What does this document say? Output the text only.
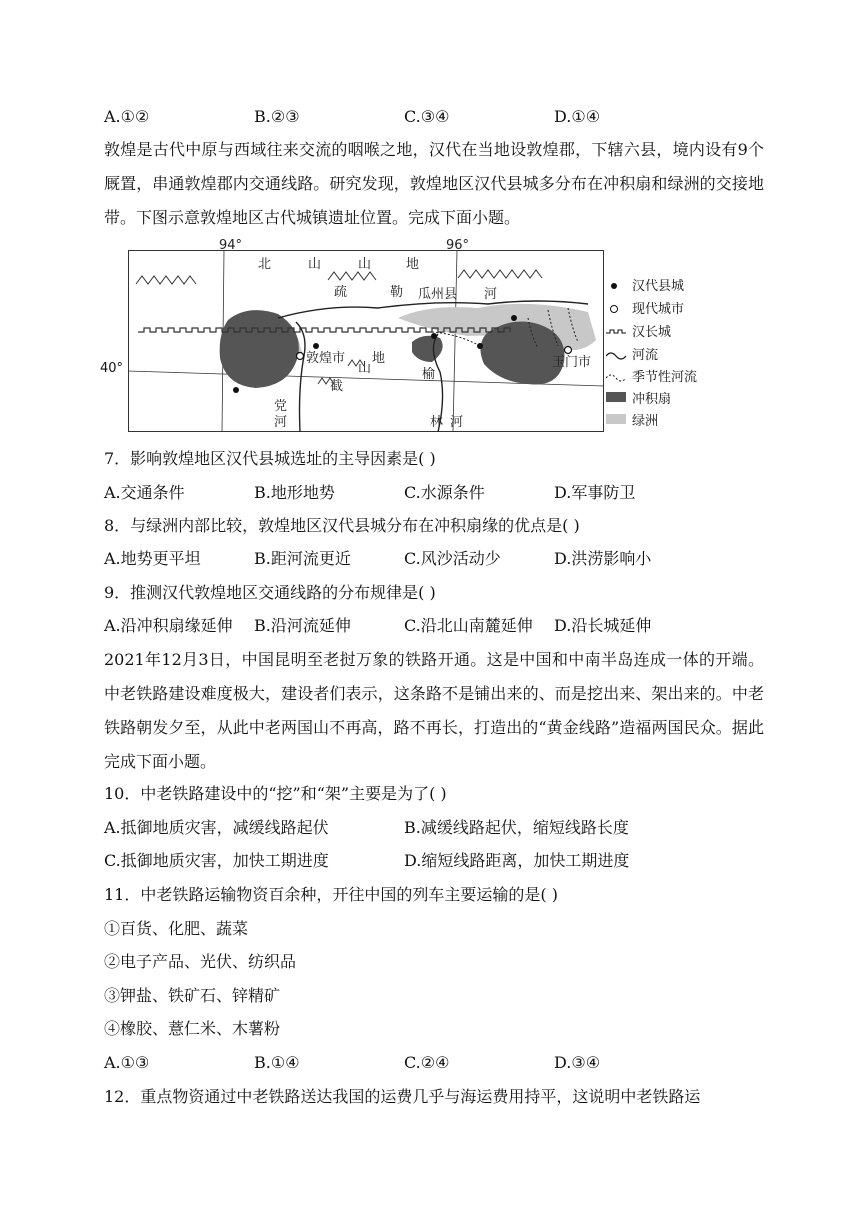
A.①②	B.②③	C.③④	D.①④
敦煌是古代中原与西域往来交流的咽喉之地，汉代在当地设敦煌郡，下辖六县，境内设有9个厩置，串通敦煌郡内交通线路。研究发现，敦煌地区汉代县城多分布在冲积扇和绿洲的交接地带。下图示意敦煌地区古代城镇遗址位置。完成下面小题。
94°	96°
北	山	山	地
疏	勒 瓜州县 河
敦煌市	玉门市
地
山
截
党
河
榆
林 河
40°
汉代县城
现代城市
汉长城
河流
季节性河流
冲积扇
绿洲
7．影响敦煌地区汉代县城选址的主导因素是( )
A.交通条件	B.地形地势	C.水源条件	D.军事防卫
8．与绿洲内部比较，敦煌地区汉代县城分布在冲积扇缘的优点是( )
A.地势更平坦	B.距河流更近	C.风沙活动少	D.洪涝影响小
9．推测汉代敦煌地区交通线路的分布规律是( )
A.沿冲积扇缘延伸 B.沿河流延伸	C.沿北山南麓延伸 D.沿长城延伸
2021年12月3日，中国昆明至老挝万象的铁路开通。这是中国和中南半岛连成一体的开端。中老铁路建设难度极大，建设者们表示，这条路不是铺出来的、而是挖出来、架出来的。中老铁路朝发夕至，从此中老两国山不再高，路不再长，打造出的“黄金线路”造福两国民众。据此完成下面小题。
10．中老铁路建设中的“挖”和“架”主要是为了( )
A.抵御地质灾害，减缓线路起伏	B.减缓线路起伏，缩短线路长度
C.抵御地质灾害，加快工期进度	D.缩短线路距离，加快工期进度
11．中老铁路运输物资百余种，开往中国的列车主要运输的是( )
①百货、化肥、蔬菜
②电子产品、光伏、纺织品
③钾盐、铁矿石、锌精矿
④橡胶、薏仁米、木薯粉
A.①③	B.①④	C.②④	D.③④
12．重点物资通过中老铁路送达我国的运费几乎与海运费用持平，这说明中老铁路运
